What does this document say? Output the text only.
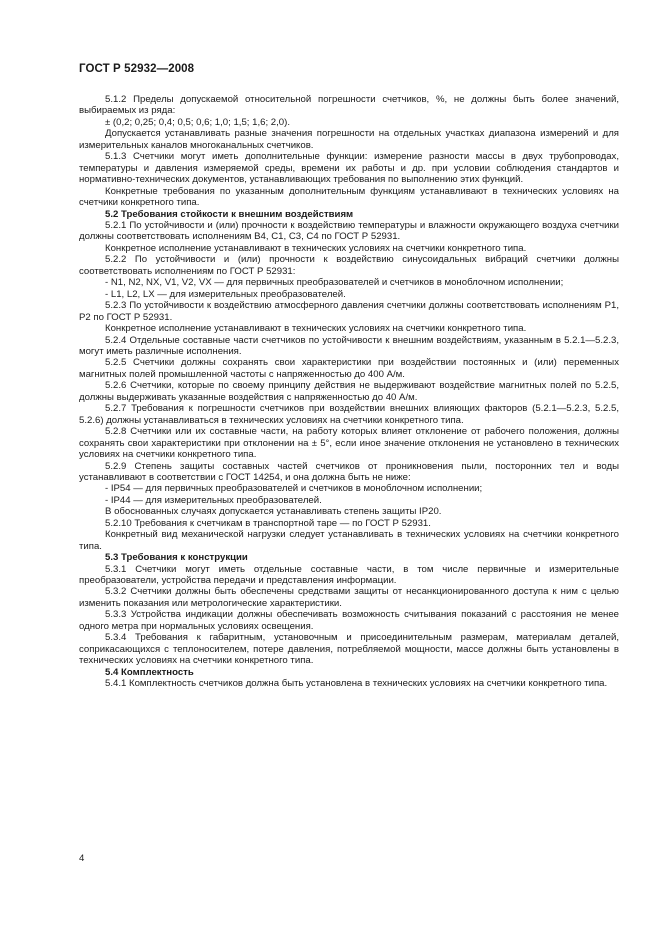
ГОСТ Р 52932—2008

5.1.2 Пределы допускаемой относительной погрешности счетчиков, %, не должны быть более значений, выбираемых из ряда:

± (0,2; 0,25; 0,4; 0,5; 0,6; 1,0; 1,5; 1,6; 2,0).

Допускается устанавливать разные значения погрешности на отдельных участках диапазона измерений и для измерительных каналов многоканальных счетчиков.

5.1.3 Счетчики могут иметь дополнительные функции: измерение разности массы в двух трубопроводах, температуры и давления измеряемой среды, времени их работы и др. при условии соблюдения стандартов и нормативно-технических документов, устанавливающих требования по выполнению этих функций.

Конкретные требования по указанным дополнительным функциям устанавливают в технических условиях на счетчики конкретного типа.

5.2 Требования стойкости к внешним воздействиям

5.2.1 По устойчивости и (или) прочности к воздействию температуры и влажности окружающего воздуха счетчики должны соответствовать исполнениям В4, С1, С3, С4 по ГОСТ Р 52931.

Конкретное исполнение устанавливают в технических условиях на счетчики конкретного типа.

5.2.2 По устойчивости и (или) прочности к воздействию синусоидальных вибраций счетчики должны соответствовать исполнениям по ГОСТ Р 52931:

- N1, N2, NX, V1, V2, VX — для первичных преобразователей и счетчиков в моноблочном исполнении;

- L1, L2, LX — для измерительных преобразователей.

5.2.3 По устойчивости к воздействию атмосферного давления счетчики должны соответствовать исполнениям Р1, Р2 по ГОСТ Р 52931.

Конкретное исполнение устанавливают в технических условиях на счетчики конкретного типа.

5.2.4 Отдельные составные части счетчиков по устойчивости к внешним воздействиям, указанным в 5.2.1—5.2.3, могут иметь различные исполнения.

5.2.5 Счетчики должны сохранять свои характеристики при воздействии постоянных и (или) переменных магнитных полей промышленной частоты с напряженностью до 400 А/м.

5.2.6 Счетчики, которые по своему принципу действия не выдерживают воздействие магнитных полей по 5.2.5, должны выдерживать указанные воздействия с напряженностью до 40 А/м.

5.2.7 Требования к погрешности счетчиков при воздействии внешних влияющих факторов (5.2.1—5.2.3, 5.2.5, 5.2.6) должны устанавливаться в технических условиях на счетчики конкретного типа.

5.2.8 Счетчики или их составные части, на работу которых влияет отклонение от рабочего положения, должны сохранять свои характеристики при отклонении на ± 5°, если иное значение отклонения не установлено в технических условиях на счетчики конкретного типа.

5.2.9 Степень защиты составных частей счетчиков от проникновения пыли, посторонних тел и воды устанавливают в соответствии с ГОСТ 14254, и она должна быть не ниже:

- IP54 — для первичных преобразователей и счетчиков в моноблочном исполнении;

- IP44 — для измерительных преобразователей.

В обоснованных случаях допускается устанавливать степень защиты IP20.

5.2.10 Требования к счетчикам в транспортной таре — по ГОСТ Р 52931.

Конкретный вид механической нагрузки следует устанавливать в технических условиях на счетчики конкретного типа.

5.3 Требования к конструкции

5.3.1 Счетчики могут иметь отдельные составные части, в том числе первичные и измерительные преобразователи, устройства передачи и представления информации.

5.3.2 Счетчики должны быть обеспечены средствами защиты от несанкционированного доступа к ним с целью изменить показания или метрологические характеристики.

5.3.3 Устройства индикации должны обеспечивать возможность считывания показаний с расстояния не менее одного метра при нормальных условиях освещения.

5.3.4 Требования к габаритным, установочным и присоединительным размерам, материалам деталей, соприкасающихся с теплоносителем, потере давления, потребляемой мощности, массе должны быть установлены в технических условиях на счетчики конкретного типа.

5.4 Комплектность

5.4.1 Комплектность счетчиков должна быть установлена в технических условиях на счетчики конкретного типа.

4
